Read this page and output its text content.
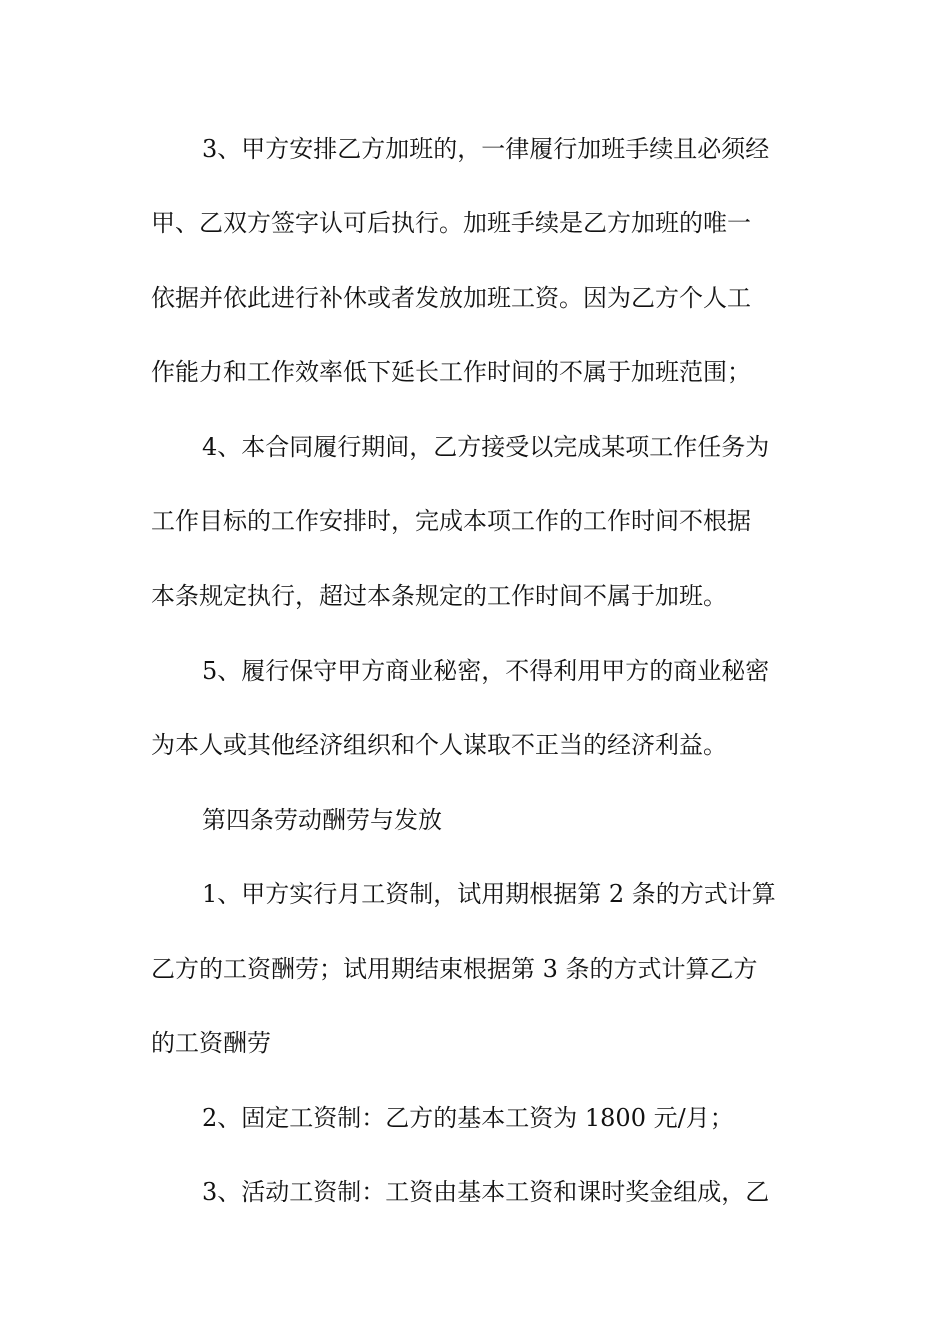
3、甲方安排乙方加班的，一律履行加班手续且必须经
甲、乙双方签字认可后执行。加班手续是乙方加班的唯一
依据并依此进行补休或者发放加班工资。因为乙方个人工
作能力和工作效率低下延长工作时间的不属于加班范围；
4、本合同履行期间，乙方接受以完成某项工作任务为
工作目标的工作安排时，完成本项工作的工作时间不根据
本条规定执行，超过本条规定的工作时间不属于加班。
5、履行保守甲方商业秘密，不得利用甲方的商业秘密
为本人或其他经济组织和个人谋取不正当的经济利益。
第四条劳动酬劳与发放
1、甲方实行月工资制，试用期根据第 2 条的方式计算
乙方的工资酬劳；试用期结束根据第 3 条的方式计算乙方
的工资酬劳
2、固定工资制：乙方的基本工资为 1800 元/月；
3、活动工资制：工资由基本工资和课时奖金组成，乙
